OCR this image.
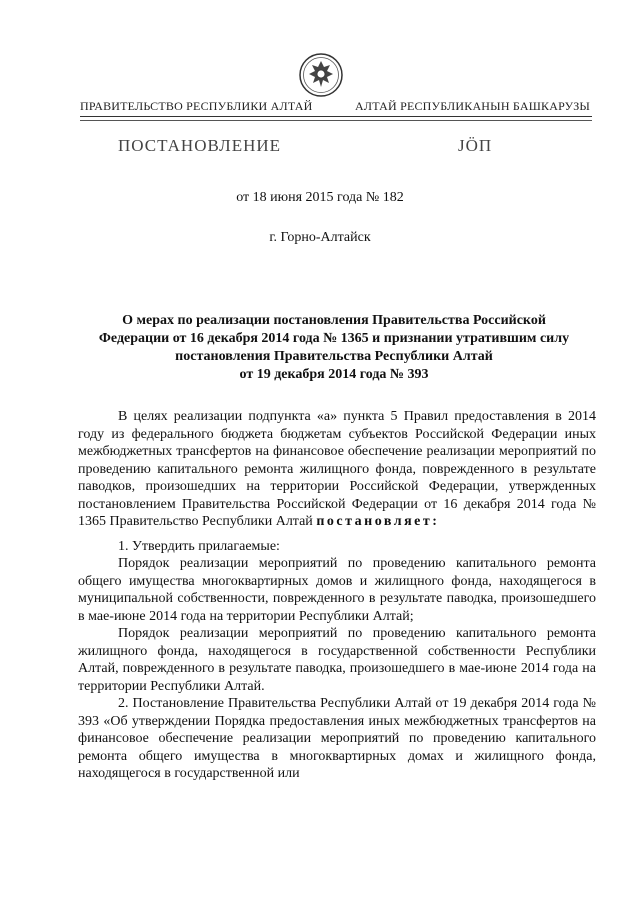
ПРАВИТЕЛЬСТВО РЕСПУБЛИКИ АЛТАЙ	АЛТАЙ РЕСПУБЛИКАНЫН БАШКАРУЗЫ
ПОСТАНОВЛЕНИЕ	ЈÖП
от 18 июня 2015 года № 182
г. Горно-Алтайск
О мерах по реализации постановления Правительства Российской
Федерации от 16 декабря 2014 года № 1365 и признании утратившим силу
постановления Правительства Республики Алтай
от 19 декабря 2014 года № 393

В целях реализации подпункта «а» пункта 5 Правил предоставления в 2014 году из федерального бюджета бюджетам субъектов Российской Федерации иных межбюджетных трансфертов на финансовое обеспечение реализации мероприятий по проведению капитального ремонта жилищного фонда, поврежденного в результате паводков, произошедших на территории Российской Федерации, утвержденных постановлением Правительства Российской Федерации от 16 декабря 2014 года № 1365 Правительство Республики Алтай постановляет:

1. Утвердить прилагаемые:

Порядок реализации мероприятий по проведению капитального ремонта общего имущества многоквартирных домов и жилищного фонда, находящегося в муниципальной собственности, поврежденного в результате паводка, произошедшего в мае-июне 2014 года на территории Республики Алтай;

Порядок реализации мероприятий по проведению капитального ремонта жилищного фонда, находящегося в государственной собственности Республики Алтай, поврежденного в результате паводка, произошедшего в мае-июне 2014 года на территории Республики Алтай.

2. Постановление Правительства Республики Алтай от 19 декабря 2014 года № 393 «Об утверждении Порядка предоставления иных межбюджетных трансфертов на финансовое обеспечение реализации мероприятий по проведению капитального ремонта общего имущества в многоквартирных домах и жилищного фонда, находящегося в государственной или
